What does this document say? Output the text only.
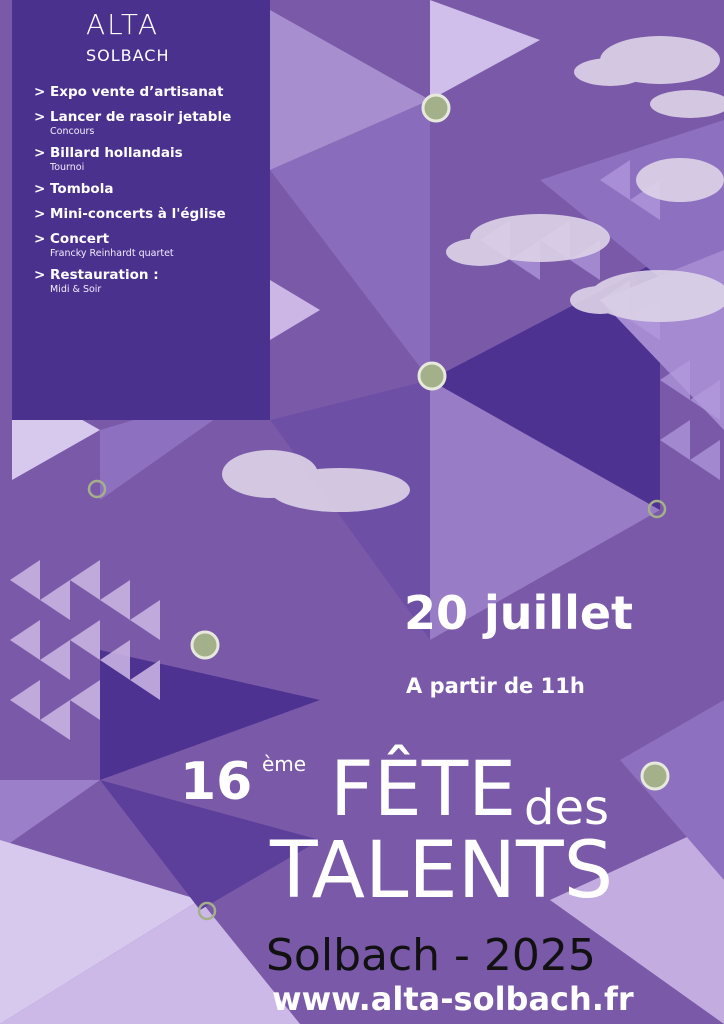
ALTA
SOLBACH
> Expo vente d’artisanat
> Lancer de rasoir jetable
Concours
> Billard hollandais
Tournoi
> Tombola
> Mini-concerts à l'église
> Concert
Francky Reinhardt quartet
> Restauration :
Midi & Soir
20 juillet
A partir de 11h
16 ème FÊTE des
TALENTS
Solbach - 2025
www.alta-solbach.fr
